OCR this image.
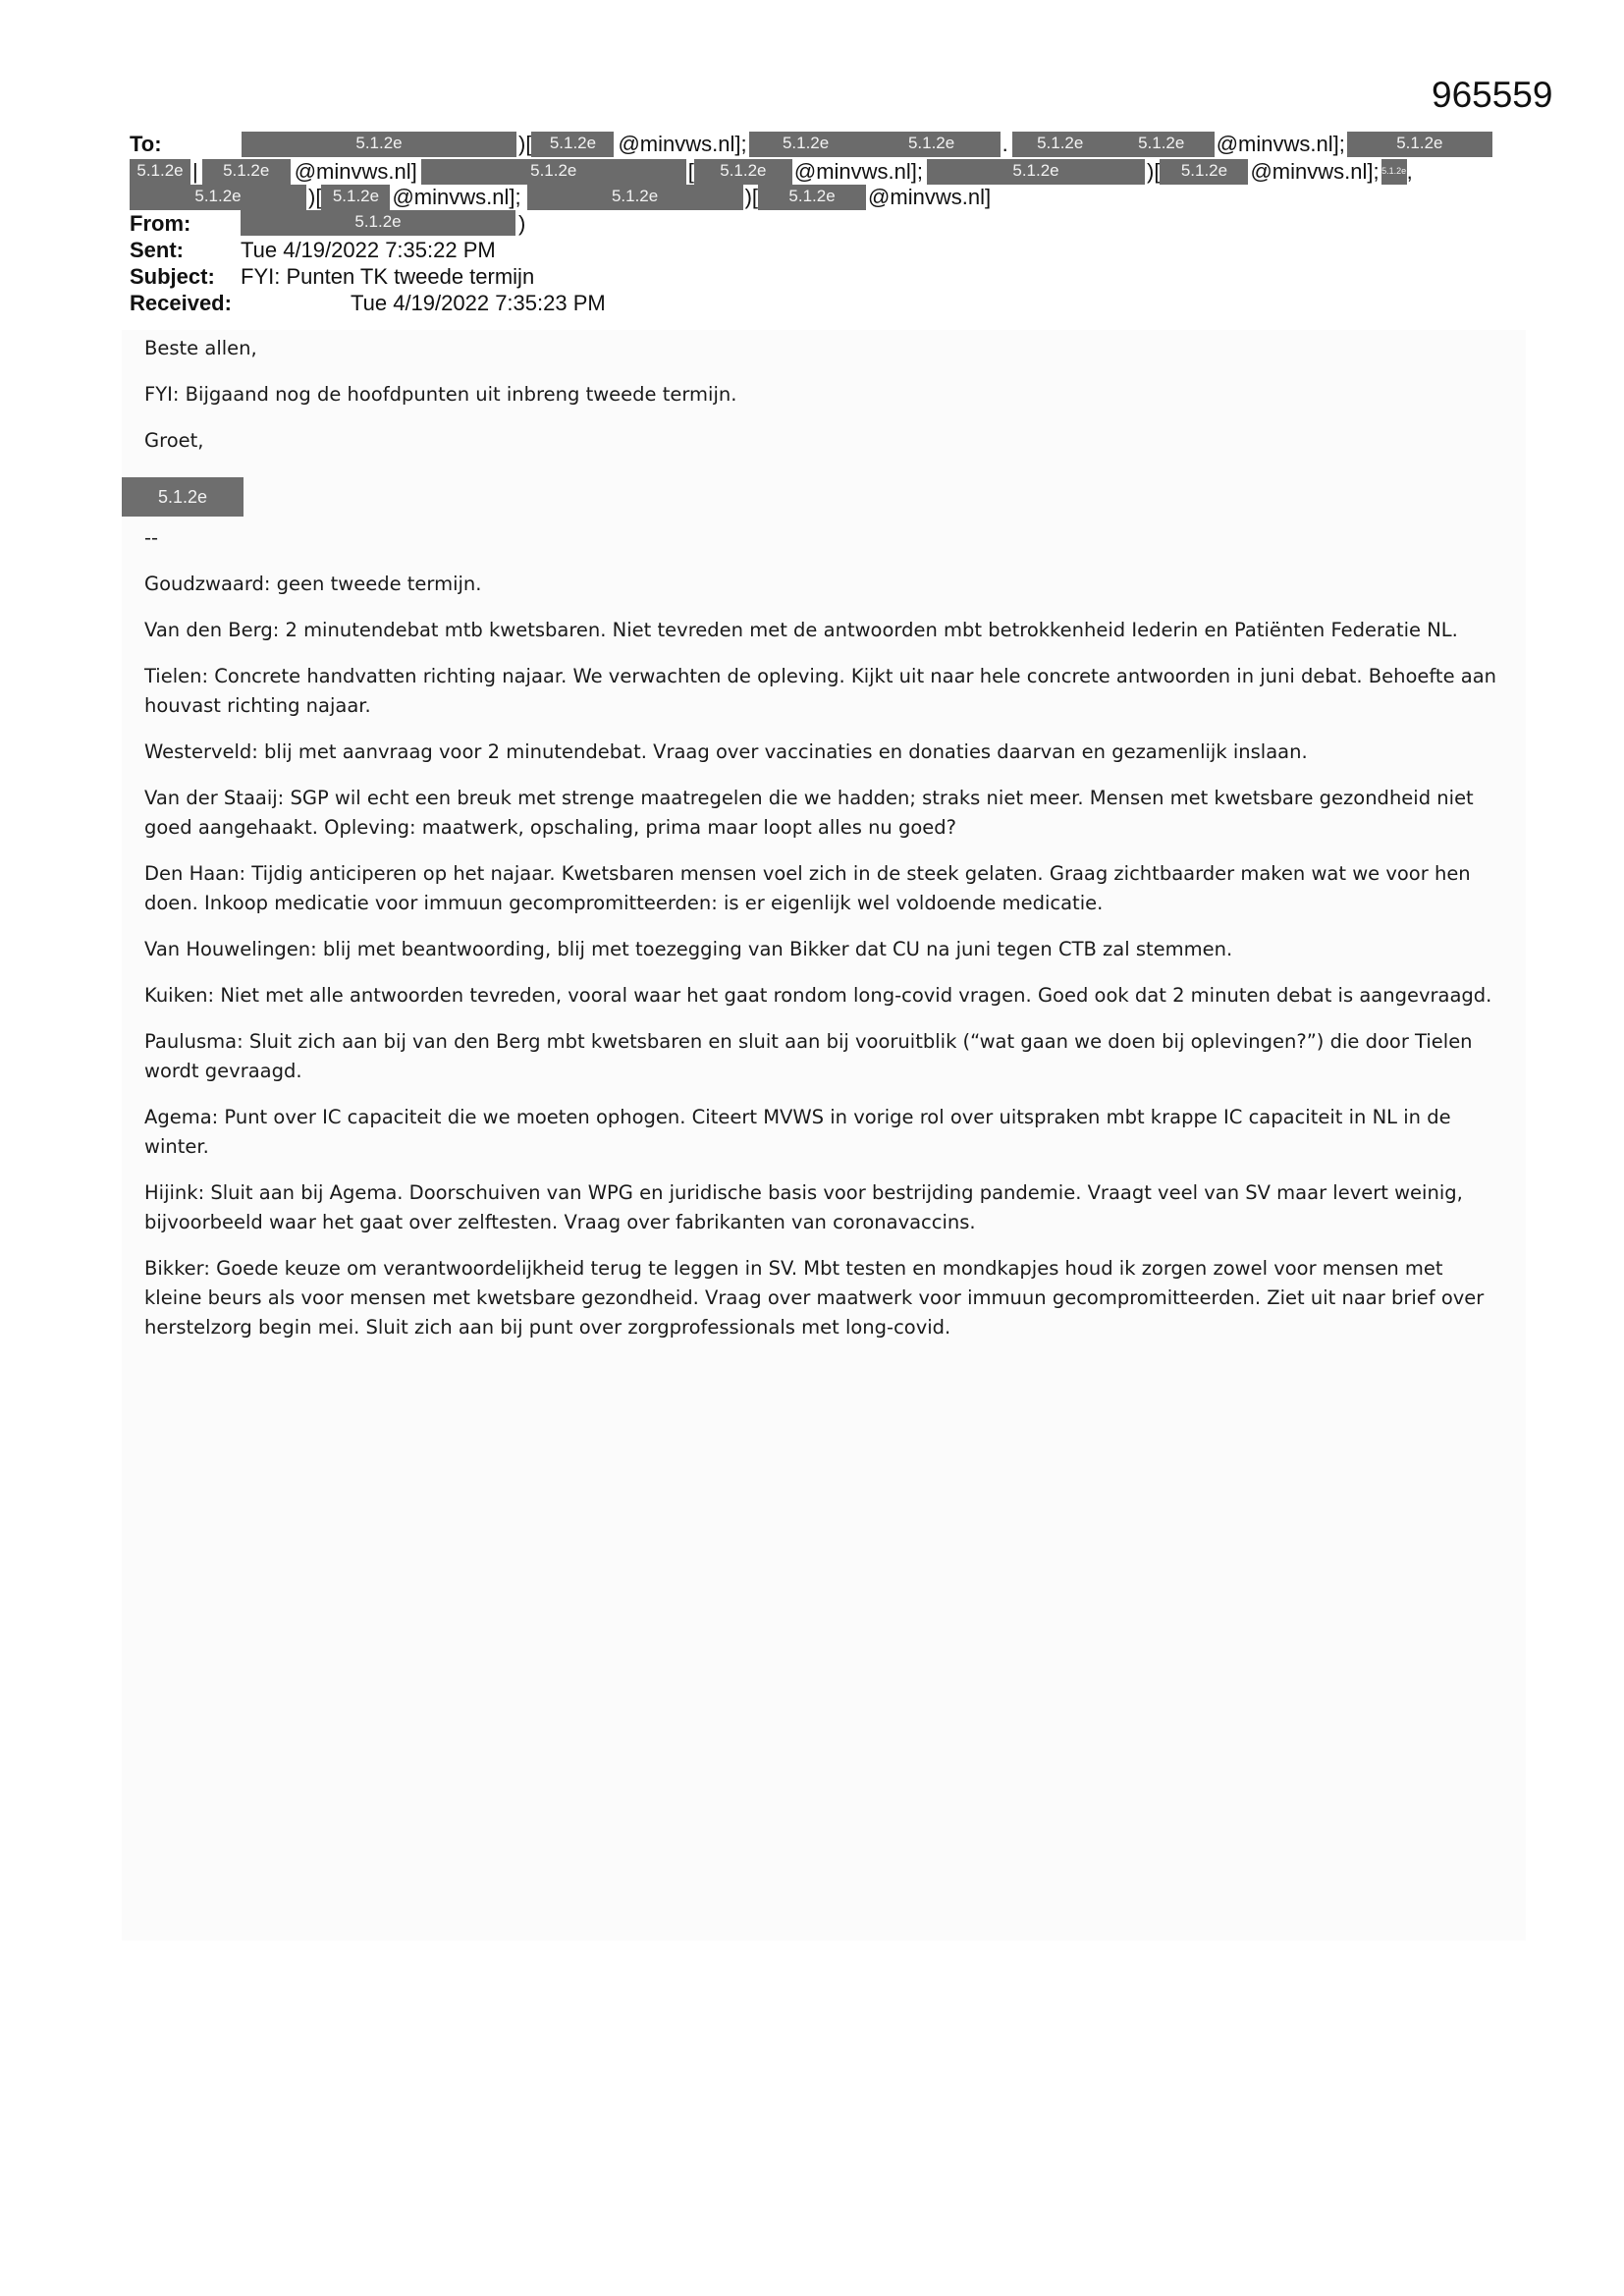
965559
To:	5.1.2e	)[ 5.1.2e @minvws.nl]; 5.1.2e	5.1.2e . 5.1.2e	5.1.2e @minvws.nl];	5.1.2e
5.1.2e | 5.1.2e @minvws.nl]	5.1.2e	[ 5.1.2e @minvws.nl];	5.1.2e	)[ 5.1.2e @minvws.nl]; 5.1.2e,
5.1.2e	)[ 5.1.2e @minvws.nl];	5.1.2e	)[ 5.1.2e @minvws.nl]
From:	5.1.2e	)
Sent:	Tue 4/19/2022 7:35:22 PM
Subject: FYI: Punten TK tweede termijn
Received:	Tue 4/19/2022 7:35:23 PM

Beste allen,

FYI: Bijgaand nog de hoofdpunten uit inbreng tweede termijn.

Groet,

--

Goudzwaard: geen tweede termijn.

Van den Berg: 2 minutendebat mtb kwetsbaren. Niet tevreden met de antwoorden mbt betrokkenheid Iederin en Patiënten Federatie NL.

Tielen: Concrete handvatten richting najaar. We verwachten de opleving. Kijkt uit naar hele concrete antwoorden in juni debat. Behoefte aan houvast richting najaar.

Westerveld: blij met aanvraag voor 2 minutendebat. Vraag over vaccinaties en donaties daarvan en gezamenlijk inslaan.

Van der Staaij: SGP wil echt een breuk met strenge maatregelen die we hadden; straks niet meer. Mensen met kwetsbare gezondheid niet goed aangehaakt. Opleving: maatwerk, opschaling, prima maar loopt alles nu goed?

Den Haan: Tijdig anticiperen op het najaar. Kwetsbaren mensen voel zich in de steek gelaten. Graag zichtbaarder maken wat we voor hen doen. Inkoop medicatie voor immuun gecompromitteerden: is er eigenlijk wel voldoende medicatie.

Van Houwelingen: blij met beantwoording, blij met toezegging van Bikker dat CU na juni tegen CTB zal stemmen.

Kuiken: Niet met alle antwoorden tevreden, vooral waar het gaat rondom long-covid vragen. Goed ook dat 2 minuten debat is aangevraagd.

Paulusma: Sluit zich aan bij van den Berg mbt kwetsbaren en sluit aan bij vooruitblik (“wat gaan we doen bij oplevingen?”) die door Tielen wordt gevraagd.

Agema: Punt over IC capaciteit die we moeten ophogen. Citeert MVWS in vorige rol over uitspraken mbt krappe IC capaciteit in NL in de winter.

Hijink: Sluit aan bij Agema. Doorschuiven van WPG en juridische basis voor bestrijding pandemie. Vraagt veel van SV maar levert weinig, bijvoorbeeld waar het gaat over zelftesten. Vraag over fabrikanten van coronavaccins.

Bikker: Goede keuze om verantwoordelijkheid terug te leggen in SV. Mbt testen en mondkapjes houd ik zorgen zowel voor mensen met kleine beurs als voor mensen met kwetsbare gezondheid. Vraag over maatwerk voor immuun gecompromitteerden. Ziet uit naar brief over herstelzorg begin mei. Sluit zich aan bij punt over zorgprofessionals met long-covid.

5.1.2e
